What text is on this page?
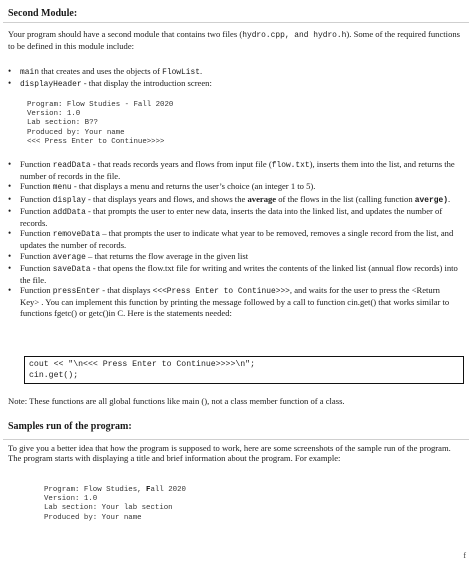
Second Module:

Your program should have a second module that contains two files (hydro.cpp, and hydro.h). Some of the required functions to be defined in this module include:

• main that creates and uses the objects of FlowList.
• displayHeader - that display the introduction screen:
Program: Flow Studies - Fall 2020
Version: 1.0
Lab section: B??
Produced by: Your name
<<< Press Enter to Continue>>>>
• Function readData - that reads records years and flows from input file (flow.txt), inserts them into the list, and returns the number of records in the file.
• Function menu - that displays a menu and returns the user’s choice (an integer 1 to 5).
• Function display - that displays years and flows, and shows the average of the flows in the list (calling function averge).
• Function addData - that prompts the user to enter new data, inserts the data into the linked list, and updates the number of records.
• Function removeData – that prompts the user to indicate what year to be removed, removes a single record from the list, and updates the number of records.
• Function average – that returns the flow average in the given list
• Function saveData - that opens the flow.txt file for writing and writes the contents of the linked list (annual flow records) into the file.
• Function pressEnter - that displays <<<Press Enter to Continue>>>, and waits for the user to press the <Return Key> . You can implement this function by printing the message followed by a call to function cin.get() that works similar to functions fgetc() or getc()in C. Here is the statements needed:
cout << "\n<<< Press Enter to Continue>>>>\n";
cin.get();

Note: These functions are all global functions like main (), not a class member function of a class.

Samples run of the program:

To give you a better idea that how the program is supposed to work, here are some screenshots of the sample run of the program. The program starts with displaying a title and brief information about the program. For example:

Program: Flow Studies, Fall 2020
Version: 1.0
Lab section: Your lab section
Produced by: Your name
f
